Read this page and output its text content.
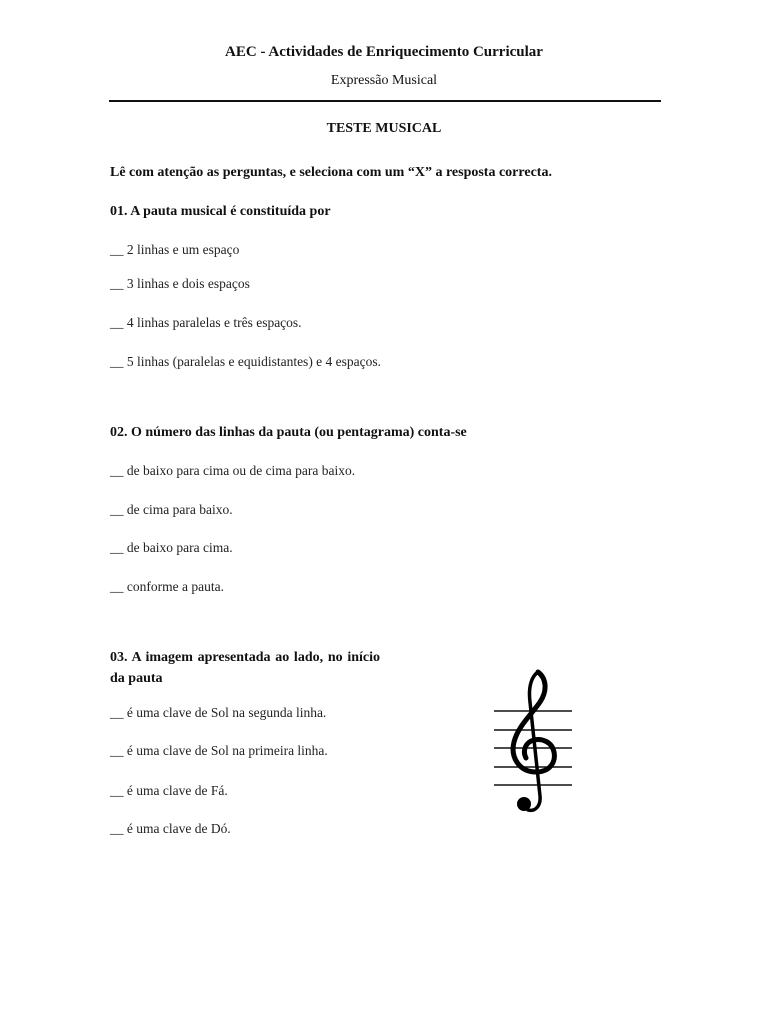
AEC - Actividades de Enriquecimento Curricular
Expressão Musical
TESTE MUSICAL
Lê com atenção as perguntas, e seleciona com um “X” a resposta correcta.
01. A pauta musical é constituída por
__ 2 linhas e um espaço
__ 3 linhas e dois espaços
__ 4 linhas paralelas e três espaços.
__ 5 linhas (paralelas e equidistantes) e 4 espaços.
02. O número das linhas da pauta (ou pentagrama) conta-se
__ de baixo para cima ou de cima para baixo.
__ de cima para baixo.
__ de baixo para cima.
__ conforme a pauta.
03. A imagem apresentada ao lado, no início da pauta
__ é uma clave de Sol na segunda linha.
__ é uma clave de Sol na primeira linha.
__ é uma clave de Fá.
__ é uma clave de Dó.
